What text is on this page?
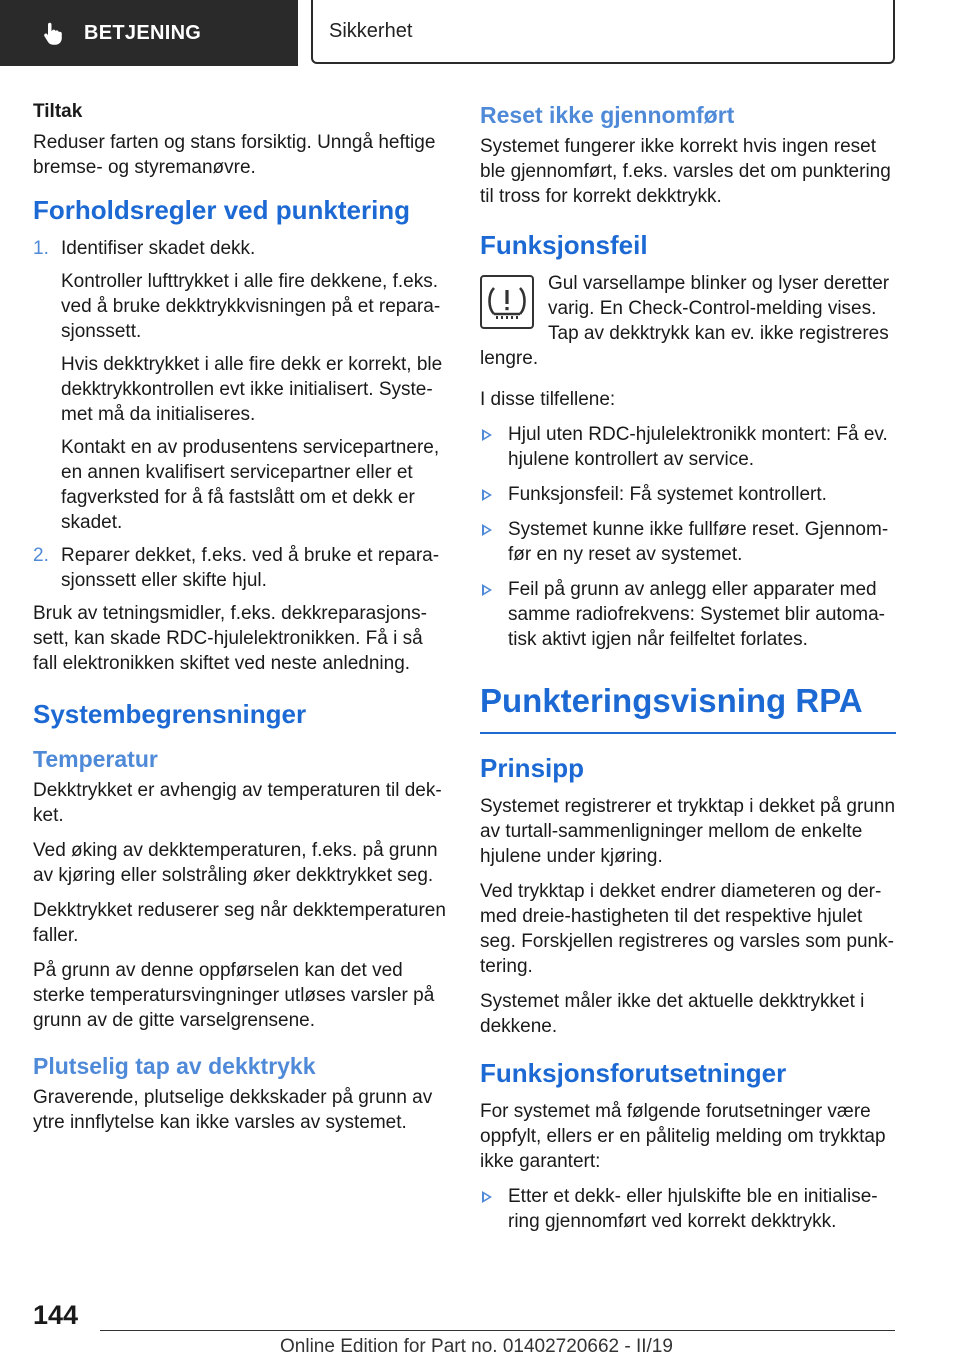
BETJENING	Sikkerhet
Tiltak

Reduser farten og stans forsiktig. Unngå heftige bremse- og styremanøvre.

Forholdsregler ved punktering
1. Identifiser skadet dekk.

Kontroller lufttrykket i alle fire dekkene, f.eks. ved å bruke dekktrykkvisningen på et reparasjonssett.

Hvis dekktrykket i alle fire dekk er korrekt, ble dekktrykkontrollen evt ikke initialisert. Systemet må da initialiseres.

Kontakt en av produsentens servicepartnere, en annen kvalifisert servicepartner eller et fagverksted for å få fastslått om et dekk er skadet.

2. Reparer dekket, f.eks. ved å bruke et reparasjonssett eller skifte hjul.

Bruk av tetningsmidler, f.eks. dekkreparasjonssett, kan skade RDC-hjulelektronikken. Få i så fall elektronikken skiftet ved neste anledning.

Systembegrensninger
Temperatur

Dekktrykket er avhengig av temperaturen til dekket.

Ved øking av dekktemperaturen, f.eks. på grunn av kjøring eller solstråling øker dekktrykket seg.

Dekktrykket reduserer seg når dekktemperaturen faller.

På grunn av denne oppførselen kan det ved sterke temperatursvingninger utløses varsler på grunn av de gitte varselgrensene.

Plutselig tap av dekktrykk

Graverende, plutselige dekkskader på grunn av ytre innflytelse kan ikke varsles av systemet.

Reset ikke gjennomført

Systemet fungerer ikke korrekt hvis ingen reset ble gjennomført, f.eks. varsles det om punktering til tross for korrekt dekktrykk.

Funksjonsfeil

Gul varsellampe blinker og lyser deretter varig. En Check-Control-melding vises. Tap av dekktrykk kan ev. ikke registreres lengre.

I disse tilfellene:

Hjul uten RDC-hjulelektronikk montert: Få ev. hjulene kontrollert av service.
Funksjonsfeil: Få systemet kontrollert.
Systemet kunne ikke fullføre reset. Gjennomfør en ny reset av systemet.
Feil på grunn av anlegg eller apparater med samme radiofrekvens: Systemet blir automatisk aktivt igjen når feilfeltet forlates.
Punkteringsvisning RPA
Prinsipp

Systemet registrerer et trykktap i dekket på grunn av turtall-sammenligninger mellom de enkelte hjulene under kjøring.

Ved trykktap i dekket endrer diameteren og dermed dreie-hastigheten til det respektive hjulet seg. Forskjellen registreres og varsles som punktering.

Systemet måler ikke det aktuelle dekktrykket i dekkene.

Funksjonsforutsetninger

For systemet må følgende forutsetninger være oppfylt, ellers er en pålitelig melding om trykktap ikke garantert:

Etter et dekk- eller hjulskifte ble en initialisering gjennomført ved korrekt dekktrykk.
144
Online Edition for Part no. 01402720662 - II/19
